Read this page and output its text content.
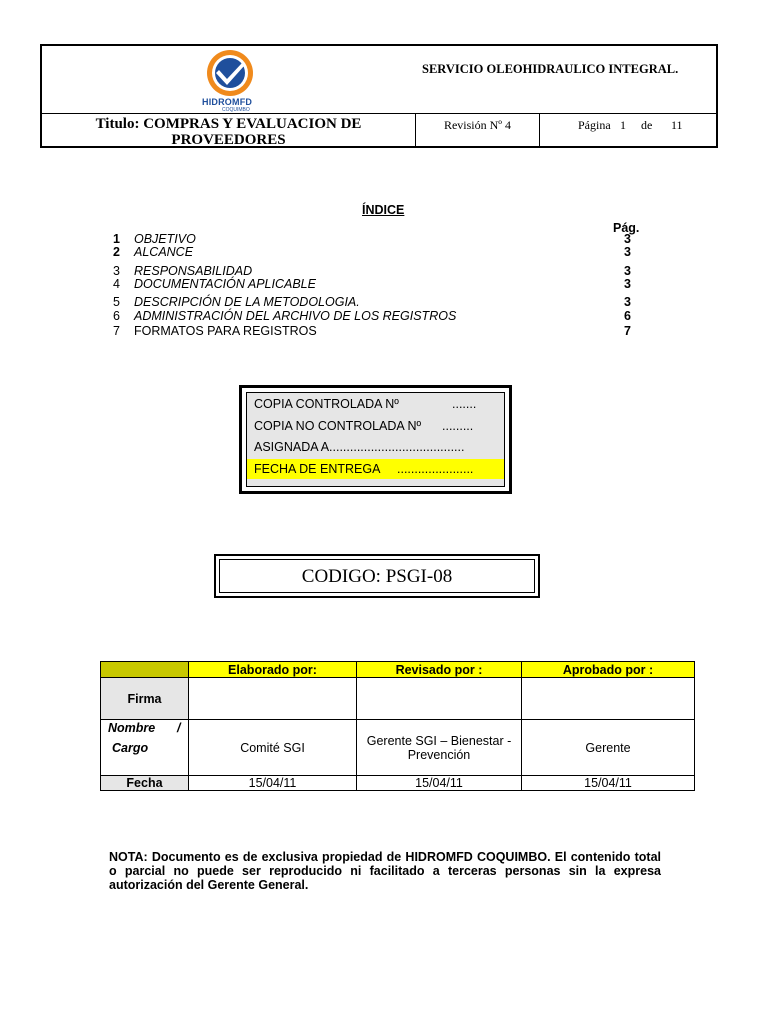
HIDROMFD
COQUIMBO
SERVICIO OLEOHIDRAULICO INTEGRAL.
Titulo: COMPRAS Y EVALUACION DE
PROVEEDORES
Revisión Nº 4	Página 1 de 11
ÍNDICE
Pág.
1 OBJETIVO	3
2 ALCANCE	3
3 RESPONSABILIDAD	3
4 DOCUMENTACIÓN APLICABLE	3
5 DESCRIPCIÓN DE LA METODOLOGIA.	3
6 ADMINISTRACIÓN DEL ARCHIVO DE LOS REGISTROS	6
7 FORMATOS PARA REGISTROS	7
COPIA CONTROLADA Nº	.......
COPIA NO CONTROLADA Nº .........
ASIGNADA A.......................................
FECHA DE ENTREGA ......................
CODIGO: PSGI-08
	Elaborado por:	Revisado por :	Aprobado por :
Firma			

Nombre /
Cargo	Comité SGI	Gerente SGI – Bienestar - Prevención	Gerente
Fecha	15/04/11	15/04/11	15/04/11
NOTA: Documento es de exclusiva propiedad de HIDROMFD COQUIMBO. El contenido total o parcial no puede ser reproducido ni facilitado a terceras personas sin la expresa autorización del Gerente General.
